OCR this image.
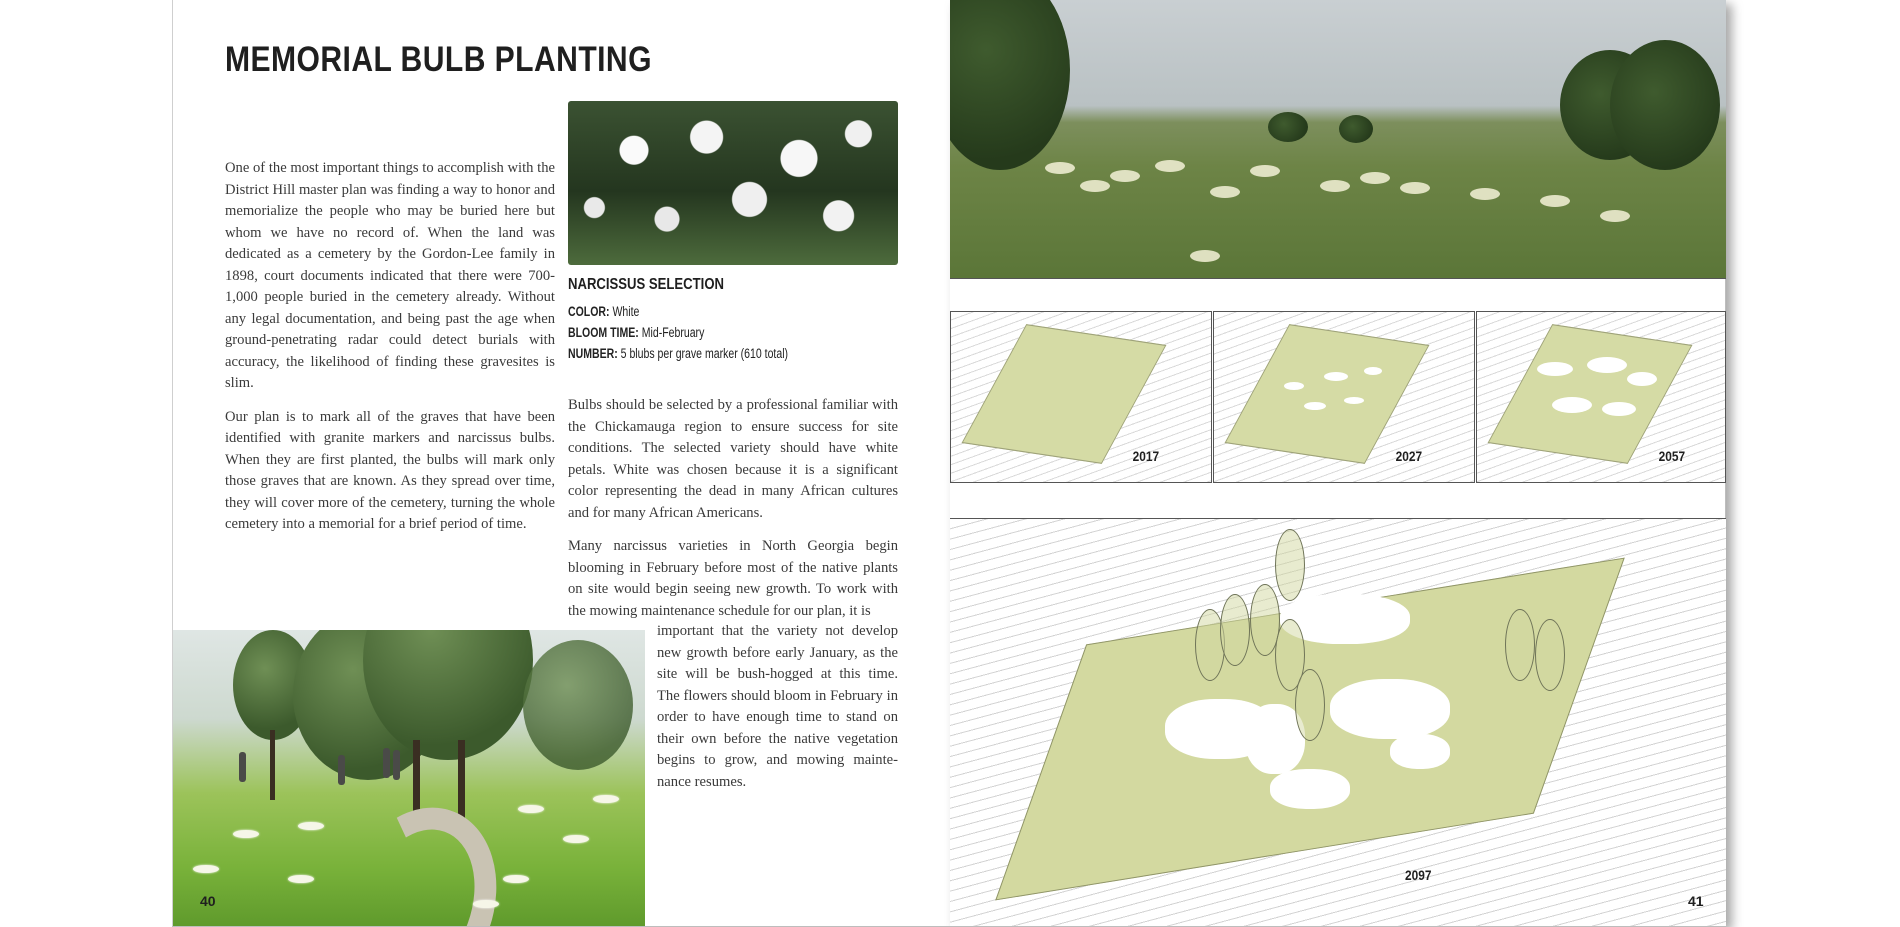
MEMORIAL BULB PLANTING

One of the most important things to accomplish with the District Hill master plan was finding a way to honor and memorialize the people who may be buried here but whom we have no record of. When the land was dedicated as a cemetery by the Gordon-Lee family in 1898, court documents indicated that there were 700-1,000 people buried in the cemetery already. Without any legal documentation, and being past the age when ground-penetrating radar could detect burials with accuracy, the likelihood of finding these gravesites is slim.

Our plan is to mark all of the graves that have been identified with granite markers and narcissus bulbs. When they are first planted, the bulbs will mark only those graves that are known. As they spread over time, they will cover more of the cemetery, turning the whole cemetery into a memorial for a brief period of time.

NARCISSUS SELECTION
COLOR: White
BLOOM TIME: Mid-February
NUMBER: 5 blubs per grave marker (610 total)

Bulbs should be selected by a professional familiar with the Chickamauga region to ensure success for site conditions. The selected variety should have white petals. White was chosen because it is a significant color representing the dead in many African cultures and for many African Americans.

Many narcissus varieties in North Georgia begin blooming in February before most of the native plants on site would begin seeing new growth. To work with the mowing maintenance schedule for our plan, it is

important that the variety not develop new growth before early January, as the site will be bush-hogged at this time. The flowers should bloom in February in order to have enough time to stand on their own before the native vegetation begins to grow, and mowing mainte-nance resumes.
40
2017	2027	2057
2097
41
